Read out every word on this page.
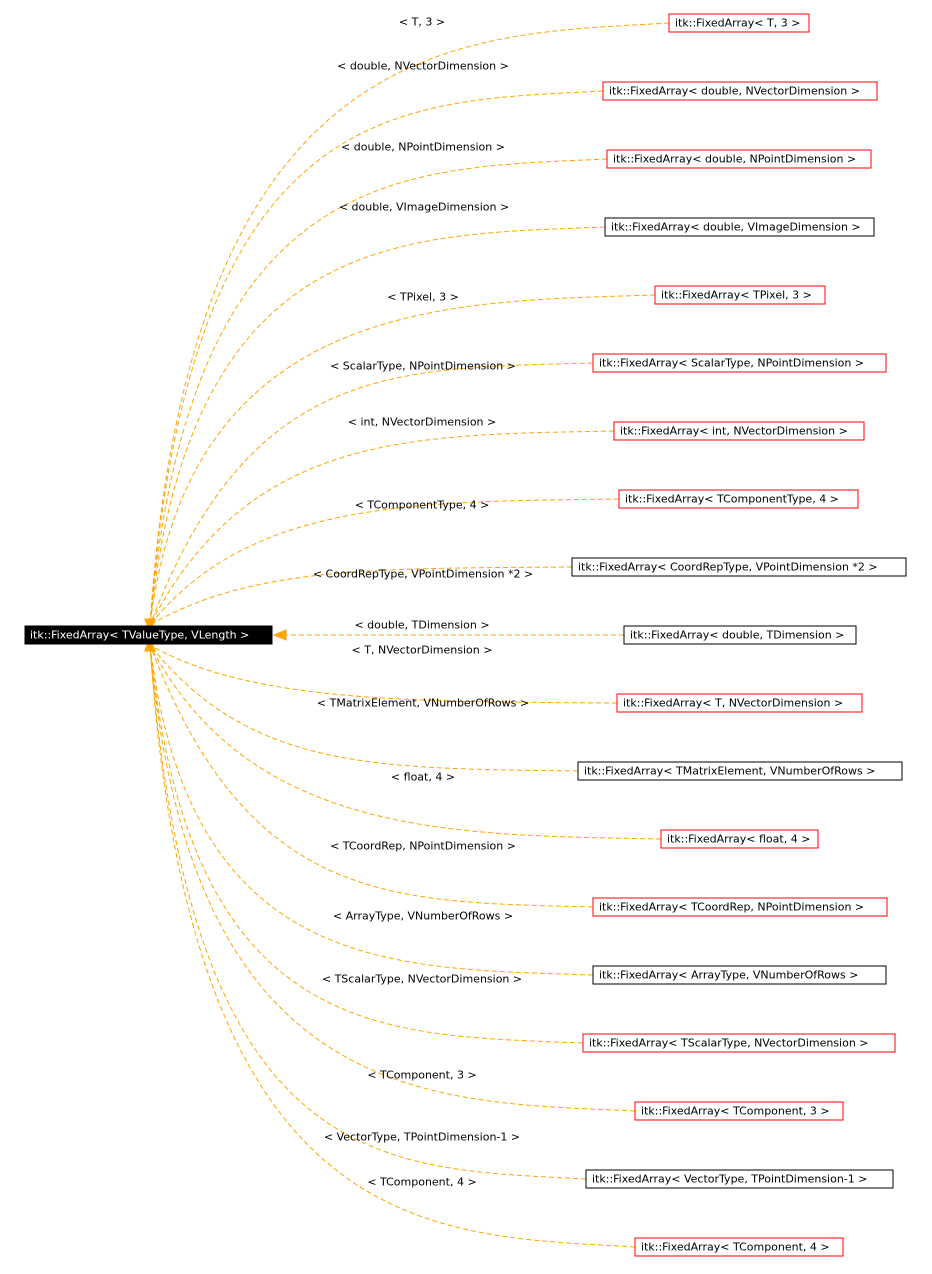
< T, 3 >
< double, NVectorDimension >
< double, NPointDimension >
< double, VImageDimension >
< TPixel, 3 >
< ScalarType, NPointDimension >
< int, NVectorDimension >
< TComponentType, 4 >
< CoordRepType, VPointDimension *2 >
< double, TDimension >
< T, NVectorDimension >
< TMatrixElement, VNumberOfRows >
< float, 4 >
< TCoordRep, NPointDimension >
< ArrayType, VNumberOfRows >
< TScalarType, NVectorDimension >
< TComponent, 3 >
< VectorType, TPointDimension-1 >
< TComponent, 4 >
itk::FixedArray< T, 3 >
itk::FixedArray< double, NVectorDimension >
itk::FixedArray< double, NPointDimension >
itk::FixedArray< double, VImageDimension >
itk::FixedArray< TPixel, 3 >
itk::FixedArray< ScalarType, NPointDimension >
itk::FixedArray< int, NVectorDimension >
itk::FixedArray< TComponentType, 4 >
itk::FixedArray< CoordRepType, VPointDimension *2 >
itk::FixedArray< double, TDimension >
itk::FixedArray< T, NVectorDimension >
itk::FixedArray< TMatrixElement, VNumberOfRows >
itk::FixedArray< float, 4 >
itk::FixedArray< TCoordRep, NPointDimension >
itk::FixedArray< ArrayType, VNumberOfRows >
itk::FixedArray< TScalarType, NVectorDimension >
itk::FixedArray< TComponent, 3 >
itk::FixedArray< VectorType, TPointDimension-1 >
itk::FixedArray< TComponent, 4 >
itk::FixedArray< TValueType, VLength >
